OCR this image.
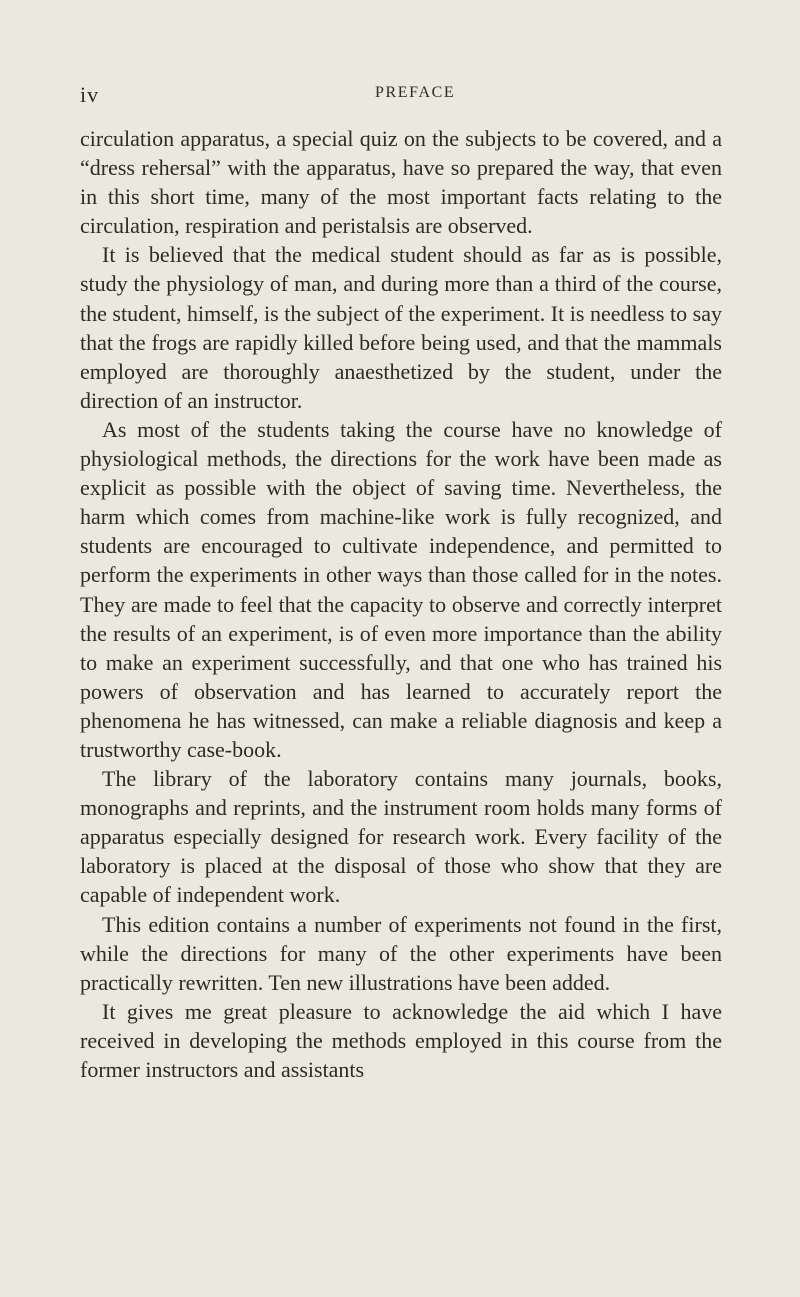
iv	PREFACE

circulation apparatus, a special quiz on the subjects to be covered, and a “dress rehersal” with the apparatus, have so prepared the way, that even in this short time, many of the most important facts relating to the circulation, respiration and peristalsis are observed.

It is believed that the medical student should as far as is possible, study the physiology of man, and during more than a third of the course, the student, himself, is the subject of the experiment. It is needless to say that the frogs are rapidly killed before being used, and that the mammals employed are thoroughly anaesthetized by the student, under the direction of an instructor.

As most of the students taking the course have no knowledge of physiological methods, the directions for the work have been made as explicit as possible with the object of saving time. Nevertheless, the harm which comes from machine-like work is fully recognized, and students are encouraged to cultivate independence, and permitted to perform the experiments in other ways than those called for in the notes. They are made to feel that the capacity to observe and correctly interpret the results of an experiment, is of even more importance than the ability to make an experiment successfully, and that one who has trained his powers of observation and has learned to accurately report the phenomena he has witnessed, can make a reliable diagnosis and keep a trustworthy case-book.

The library of the laboratory contains many journals, books, monographs and reprints, and the instrument room holds many forms of apparatus especially designed for research work. Every facility of the laboratory is placed at the disposal of those who show that they are capable of independent work.

This edition contains a number of experiments not found in the first, while the directions for many of the other experiments have been practically rewritten. Ten new illustrations have been added.

It gives me great pleasure to acknowledge the aid which I have received in developing the methods employed in this course from the former instructors and assistants
